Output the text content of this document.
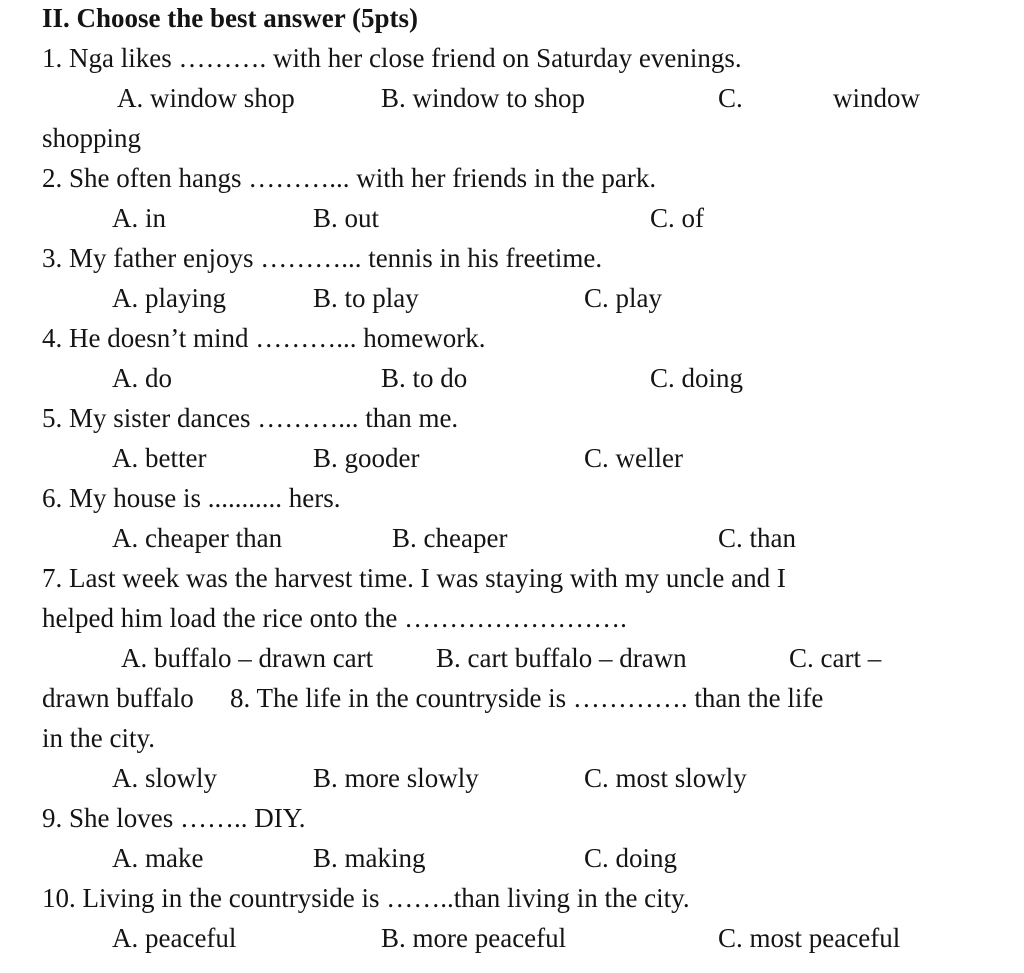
II. Choose the best answer (5pts)
1. Nga likes ………. with her close friend on Saturday evenings.
A. window shop	B. window to shop	C.	window
shopping
2. She often hangs ………... with her friends in the park.
A. in	B. out	C. of
3. My father enjoys ………... tennis in his freetime.
A. playing	B. to play	C. play
4. He doesn’t mind ………... homework.
A. do	B. to do	C. doing
5. My sister dances ………... than me.
A. better	B. gooder	C. weller
6. My house is ........... hers.
A. cheaper than	B. cheaper	C. than
7. Last week was the harvest time. I was staying with my uncle and I
helped him load the rice onto the …………………….
A. buffalo – drawn cart B. cart buffalo – drawn	C. cart –
drawn buffalo 8. The life in the countryside is …………. than the life
in the city.
A. slowly	B. more slowly	C. most slowly
9. She loves …….. DIY.
A. make	B. making	C. doing
10. Living in the countryside is ……..than living in the city.
A. peaceful	B. more peaceful	C. most peaceful
